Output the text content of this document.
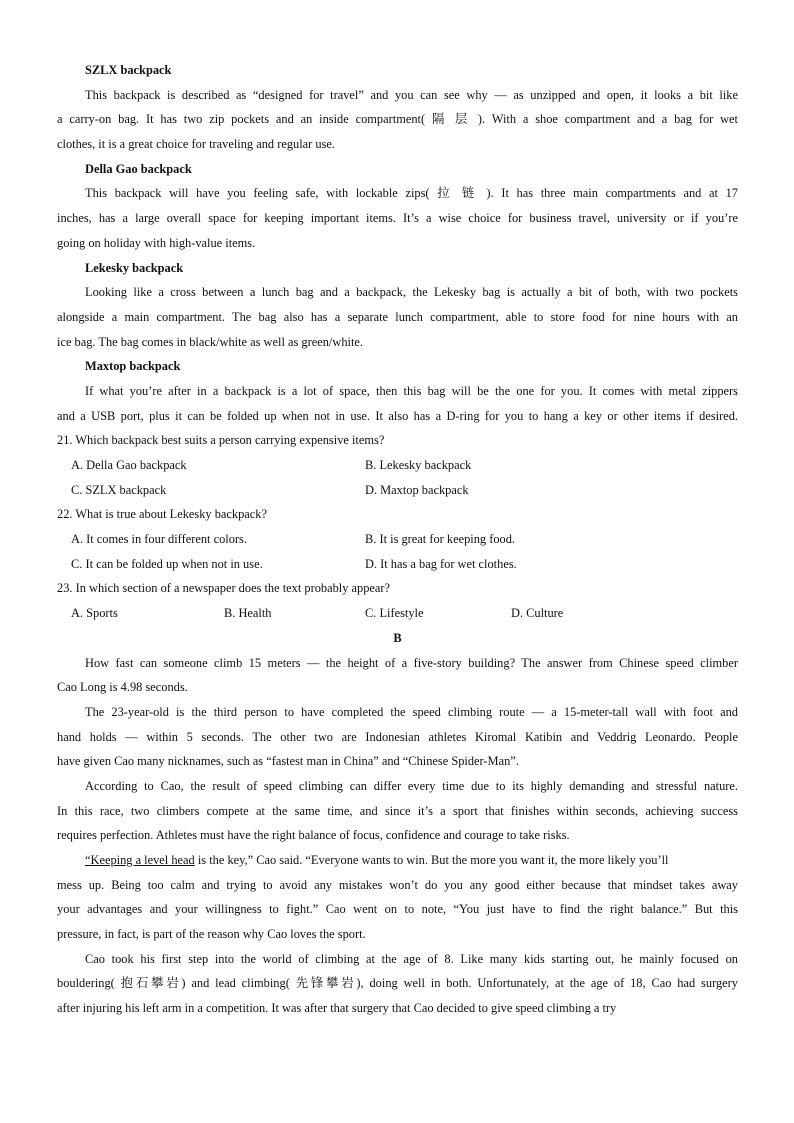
SZLX backpack
This backpack is described as “designed for travel” and you can see why — as unzipped and open, it looks a bit like
a carry-on bag. It has two zip pockets and an inside compartment( 隔 层 ). With a shoe compartment and a bag for wet
clothes, it is a great choice for traveling and regular use.
Della Gao backpack
This backpack will have you feeling safe, with lockable zips( 拉 链 ). It has three main compartments and at 17
inches, has a large overall space for keeping important items. It’s a wise choice for business travel, university or if you’re
going on holiday with high-value items.
Lekesky backpack
Looking like a cross between a lunch bag and a backpack, the Lekesky bag is actually a bit of both, with two pockets
alongside a main compartment. The bag also has a separate lunch compartment, able to store food for nine hours with an
ice bag. The bag comes in black/white as well as green/white.
Maxtop backpack
If what you’re after in a backpack is a lot of space, then this bag will be the one for you. It comes with metal zippers
and a USB port, plus it can be folded up when not in use. It also has a D-ring for you to hang a key or other items if desired.
21. Which backpack best suits a person carrying expensive items?
A. Della Gao backpack	B. Lekesky backpack
C. SZLX backpack	D. Maxtop backpack
22. What is true about Lekesky backpack?
A. It comes in four different colors.	B. It is great for keeping food.
C. It can be folded up when not in use.	D. It has a bag for wet clothes.
23. In which section of a newspaper does the text probably appear?
A. Sports	B. Health	C. Lifestyle	D. Culture
B
How fast can someone climb 15 meters — the height of a five-story building? The answer from Chinese speed climber
Cao Long is 4.98 seconds.
The 23-year-old is the third person to have completed the speed climbing route — a 15-meter-tall wall with foot and
hand holds — within 5 seconds. The other two are Indonesian athletes Kiromal Katibin and Veddrig Leonardo. People
have given Cao many nicknames, such as “fastest man in China” and “Chinese Spider-Man”.
According to Cao, the result of speed climbing can differ every time due to its highly demanding and stressful nature.
In this race, two climbers compete at the same time, and since it’s a sport that finishes within seconds, achieving success
requires perfection. Athletes must have the right balance of focus, confidence and courage to take risks.
“Keeping a level head is the key,” Cao said. “Everyone wants to win. But the more you want it, the more likely you’ll
mess up. Being too calm and trying to avoid any mistakes won’t do you any good either because that mindset takes away
your advantages and your willingness to fight.” Cao went on to note, “You just have to find the right balance.” But this
pressure, in fact, is part of the reason why Cao loves the sport.
Cao took his first step into the world of climbing at the age of 8. Like many kids starting out, he mainly focused on
bouldering( 抱石攀岩) and lead climbing( 先锋攀岩), doing well in both. Unfortunately, at the age of 18, Cao had surgery
after injuring his left arm in a competition. It was after that surgery that Cao decided to give speed climbing a try
